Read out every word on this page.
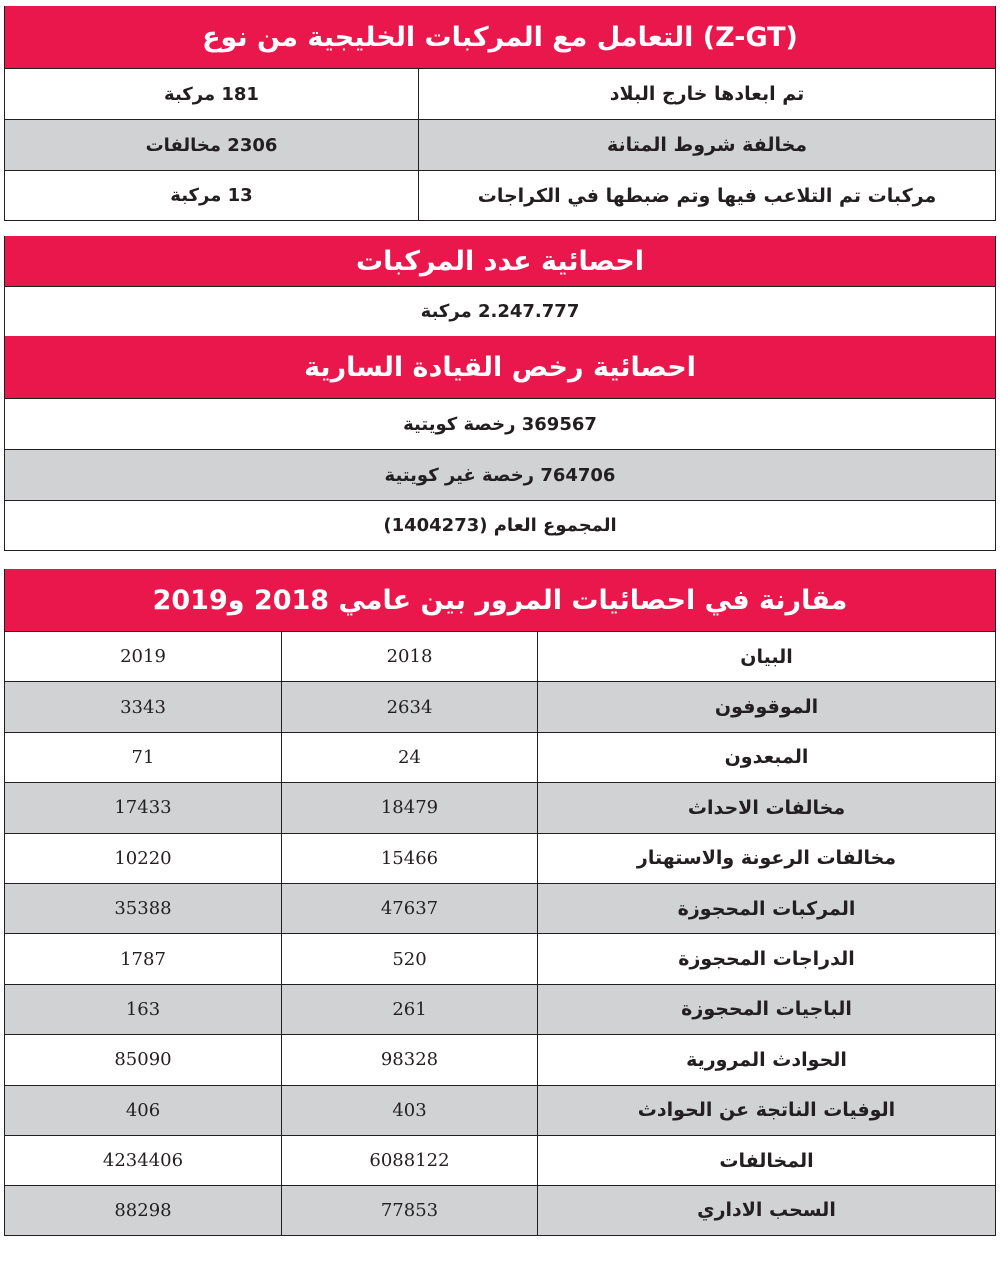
التعامل مع المركبات الخليجية من نوع (Z-GT)
تم ابعادها خارج البلاد
181 مركبة
مخالفة شروط المتانة
2306 مخالفات
مركبات تم التلاعب فيها وتم ضبطها في الكراجات
13 مركبة
احصائية عدد المركبات
2.247.777 مركبة
احصائية رخص القيادة السارية
369567 رخصة كويتية
764706 رخصة غير كويتية
المجموع العام (1404273)
مقارنة في احصائيات المرور بين عامي 2018 و2019
البيان
2018
2019
الموقوفون
2634
3343
المبعدون
24
71
مخالفات الاحداث
18479
17433
مخالفات الرعونة والاستهتار
15466
10220
المركبات المحجوزة
47637
35388
الدراجات المحجوزة
520
1787
الباجيات المحجوزة
261
163
الحوادث المرورية
98328
85090
الوفيات الناتجة عن الحوادث
403
406
المخالفات
6088122
4234406
السحب الاداري
77853
88298
